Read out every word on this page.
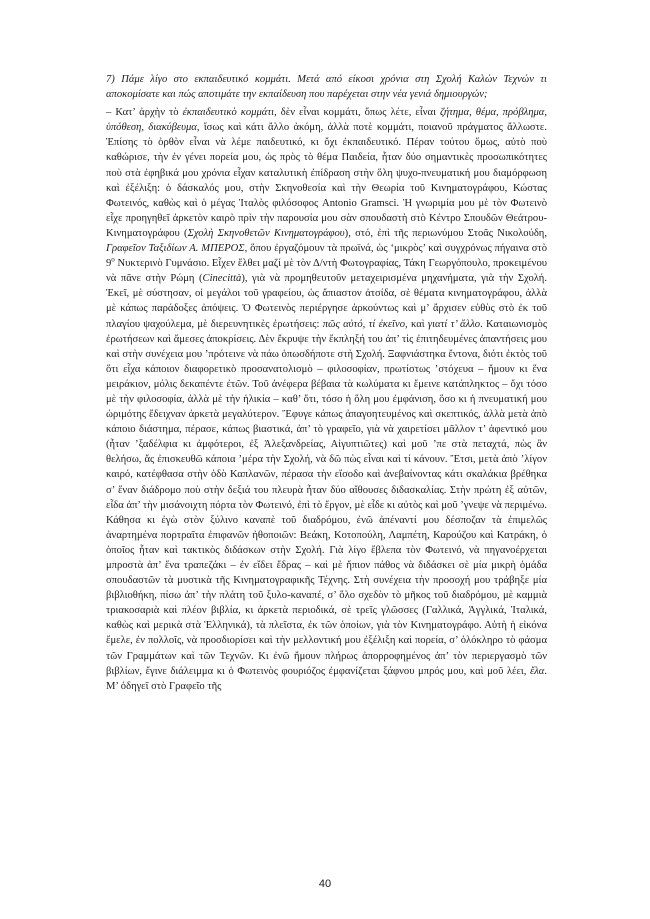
7) Πάμε λίγο στο εκπαιδευτικό κομμάτι. Μετά από είκοσι χρόνια στη Σχολή Καλών Τεχνών τι αποκομίσατε και πώς αποτιμάτε την εκπαίδευση που παρέχεται στην νέα γενιά δημιουργών;

– Κατ’ ἀρχὴν τὸ ἐκπαιδευτικὸ κομμάτι, δὲν εἶναι κομμάτι, ὅπως λέτε, εἶναι ζήτημα, θέμα, πρόβλημα, ὑπόθεση, διακύβευμα, ἴσως καὶ κάτι ἄλλο ἀκόμη, ἀλλὰ ποτὲ κομμάτι, ποιανοῦ πράγματος ἄλλωστε. Ἐπίσης τὸ ὀρθὸν εἶναι νὰ λέμε παιδευτικό, κι ὄχι ἐκπαιδευτικό. Πέραν τούτου ὅμως, αὐτὸ ποὺ καθώρισε, τὴν ἐν γένει πορεία μου, ὡς πρὸς τὸ θέμα Παιδεία, ἦταν δύο σημαντικὲς προσωπικότητες ποὺ στὰ ἐφηβικά μου χρόνια εἶχαν καταλυτικὴ ἐπίδραση στὴν ὅλη ψυχο-πνευματική μου διαμόρφωση καὶ ἐξέλιξη: ὁ δάσκαλός μου, στὴν Σκηνοθεσία καὶ τὴν Θεωρία τοῦ Κινηματογράφου, Κώστας Φωτεινός, καθὼς καὶ ὁ μέγας Ἰταλὸς φιλόσοφος Antonio Gramsci. Ἡ γνωριμία μου μὲ τὸν Φωτεινὸ εἶχε προηγηθεῖ ἀρκετὸν καιρὸ πρὶν τὴν παρουσία μου σὰν σπουδαστὴ στὸ Κέντρο Σπουδῶν Θεάτρου-Κινηματογράφου (Σχολὴ Σκηνοθετῶν Κινηματογράφου), στό, ἐπὶ τῆς περιωνύμου Στοᾶς Νικολούδη, Γραφεῖον Ταξιδίων Α. ΜΠΕΡΟΣ, ὅπου ἐργαζόμουν τὰ πρωϊνά, ὡς ‘μικρὸς’ καὶ συγχρόνως πήγαινα στὸ $9^o$ Νυκτερινὸ Γυμνάσιο. Εἶχεν ἔλθει μαζί μὲ τὸν Δ/ντὴ Φωτογραφίας, Τάκη Γεωργόπουλο, προκειμένου νὰ πᾶνε στὴν Ρώμη (Cinecittà), γιὰ νὰ προμηθευτοῦν μεταχειρισμένα μηχανήματα, γιὰ τὴν Σχολή. Ἐκεῖ, μὲ σύστησαν, οἱ μεγάλοι τοῦ γραφείου, ὡς ἄπιαστον ἀτσίδα, σὲ θέματα κινηματογράφου, ἀλλὰ μὲ κάπως παράδοξες ἀπόψεις. Ὁ Φωτεινὸς περιέργησε ἀρκούντως καὶ μ’ ἄρχισεν εὐθὺς στὸ ἐκ τοῦ πλαγίου ψαχούλεμα, μὲ διερευνητικὲς ἐρωτήσεις: πῶς αὐτό, τί ἐκεῖνο, καὶ γιατί τ’ ἄλλο. Καταιωνισμὸς ἐρωτήσεων καὶ ἄμεσες ἀποκρίσεις. Δὲν ἔκρυψε τὴν ἔκπληξή του ἀπ’ τὶς ἐπιτηδευμένες ἀπαντήσεις μου καὶ στὴν συνέχεια μου ’πρότεινε νὰ πάω ὁπωσδήποτε στὴ Σχολή. Ξαφνιάστηκα ἔντονα, διότι ἐκτὸς τοῦ ὅτι εἶχα κάποιον διαφορετικὸ προσανατολισμὸ – φιλοσοφίαν, πρωτίστως ’στόχευα – ἤμουν κι ἕνα μειράκιον, μόλις δεκαπέντε ἐτῶν. Τοῦ ἀνέφερα βέβαια τὰ κωλύματα κι ἔμεινε κατάπληκτος – ὄχι τόσο μὲ τὴν φιλοσοφία, ἀλλὰ μὲ τὴν ἡλικία – καθ’ ὅτι, τόσο ἡ ὅλη μου ἐμφάνιση, ὅσο κι ἡ πνευματική μου ὡριμότης ἔδειχναν ἀρκετὰ μεγαλύτερον. Ἔφυγε κάπως ἀπαγοητευμένος καὶ σκεπτικός, ἀλλὰ μετὰ ἀπὸ κάποιο διάστημα, πέρασε, κάπως βιαστικά, ἀπ’ τὸ γραφεῖο, γιὰ νὰ χαιρετίσει μᾶλλον τ’ ἀφεντικό μου (ἦταν ’ξαδέλφια κι ἀμφότεροι, ἐξ Ἀλεξανδρείας, Αἰγυπτιῶτες) καὶ μοῦ ’πε στὰ πεταχτά, πὼς ἂν θελήσω, ἄς ἐπισκευθῶ κάποια ’μέρα τὴν Σχολή, νὰ δῶ πὼς εἶναι καὶ τί κάνουν. Ἔτσι, μετὰ ἀπὸ ’λίγον καιρό, κατέφθασα στὴν ὁδὸ Καπλανῶν, πέρασα τὴν εἴσοδο καὶ ἀνεβαίνοντας κάτι σκαλάκια βρέθηκα σ’ ἕναν διάδρομο ποὺ στὴν δεξιά του πλευρὰ ἦταν δύο αἴθουσες διδασκαλίας. Στὴν πρώτη ἐξ αὐτῶν, εἶδα ἀπ’ τὴν μισάνοιχτη πόρτα τὸν Φωτεινό, ἐπὶ τὸ ἔργον, μὲ εἶδε κι αὐτὸς καὶ μοῦ ’γνεψε νὰ περιμένω. Κάθησα κι ἐγὼ στὸν ξύλινο καναπὲ τοῦ διαδρόμου, ἐνῶ ἀπέναντί μου δέσποζαν τὰ ἐπιμελῶς ἀναρτημένα πορτραῖτα ἐπιφανῶν ἠθοποιῶν: Βεάκη, Κοτοπούλη, Λαμπέτη, Καρούζου καὶ Κατράκη, ὁ ὁποῖος ἦταν καὶ τακτικὸς διδάσκων στὴν Σχολή. Γιὰ λίγο ἔβλεπα τὸν Φωτεινό, νὰ πηγανοέρχεται μπροστὰ ἀπ’ ἕνα τραπεζάκι – ἐν εἴδει ἕδρας – καὶ μὲ ἤπιον πάθος νὰ διδάσκει σὲ μία μικρὴ ὁμάδα σπουδαστῶν τὰ μυστικὰ τῆς Κινηματογραφικῆς Τέχνης. Στὴ συνέχεια τὴν προσοχή μου τράβηξε μία βιβλιοθήκη, πίσω ἀπ’ τὴν πλάτη τοῦ ξυλο-καναπέ, σ’ ὅλο σχεδὸν τὸ μῆκος τοῦ διαδρόμου, μὲ καμμιὰ τριακοσαριὰ καὶ πλέον βιβλία, κι ἀρκετὰ περιοδικά, σὲ τρεῖς γλῶσσες (Γαλλικά, Ἀγγλικά, Ἰταλικά, καθὼς καὶ μερικὰ στὰ Ἑλληνικά), τὰ πλεῖστα, ἐκ τῶν ὁποίων, γιὰ τὸν Κινηματογράφο. Αὐτὴ ἡ εἰκόνα ἔμελε, ἐν πολλοῖς, νὰ προσδιορίσει καὶ τὴν μελλοντική μου ἐξέλιξη καὶ πορεία, σ’ ὁλόκληρο τὸ φάσμα τῶν Γραμμάτων καὶ τῶν Τεχνῶν. Κι ἐνῶ ἤμουν πλήρως ἀπορροφημένος ἀπ’ τὸν περιεργασμὸ τῶν βιβλίων, ἔγινε διάλειμμα κι ὁ Φωτεινὸς φουριόζος ἐμφανίζεται ξάφνου μπρός μου, καὶ μοῦ λέει, ἔλα. Μ’ ὁδηγεῖ στὸ Γραφεῖο τῆς

40
